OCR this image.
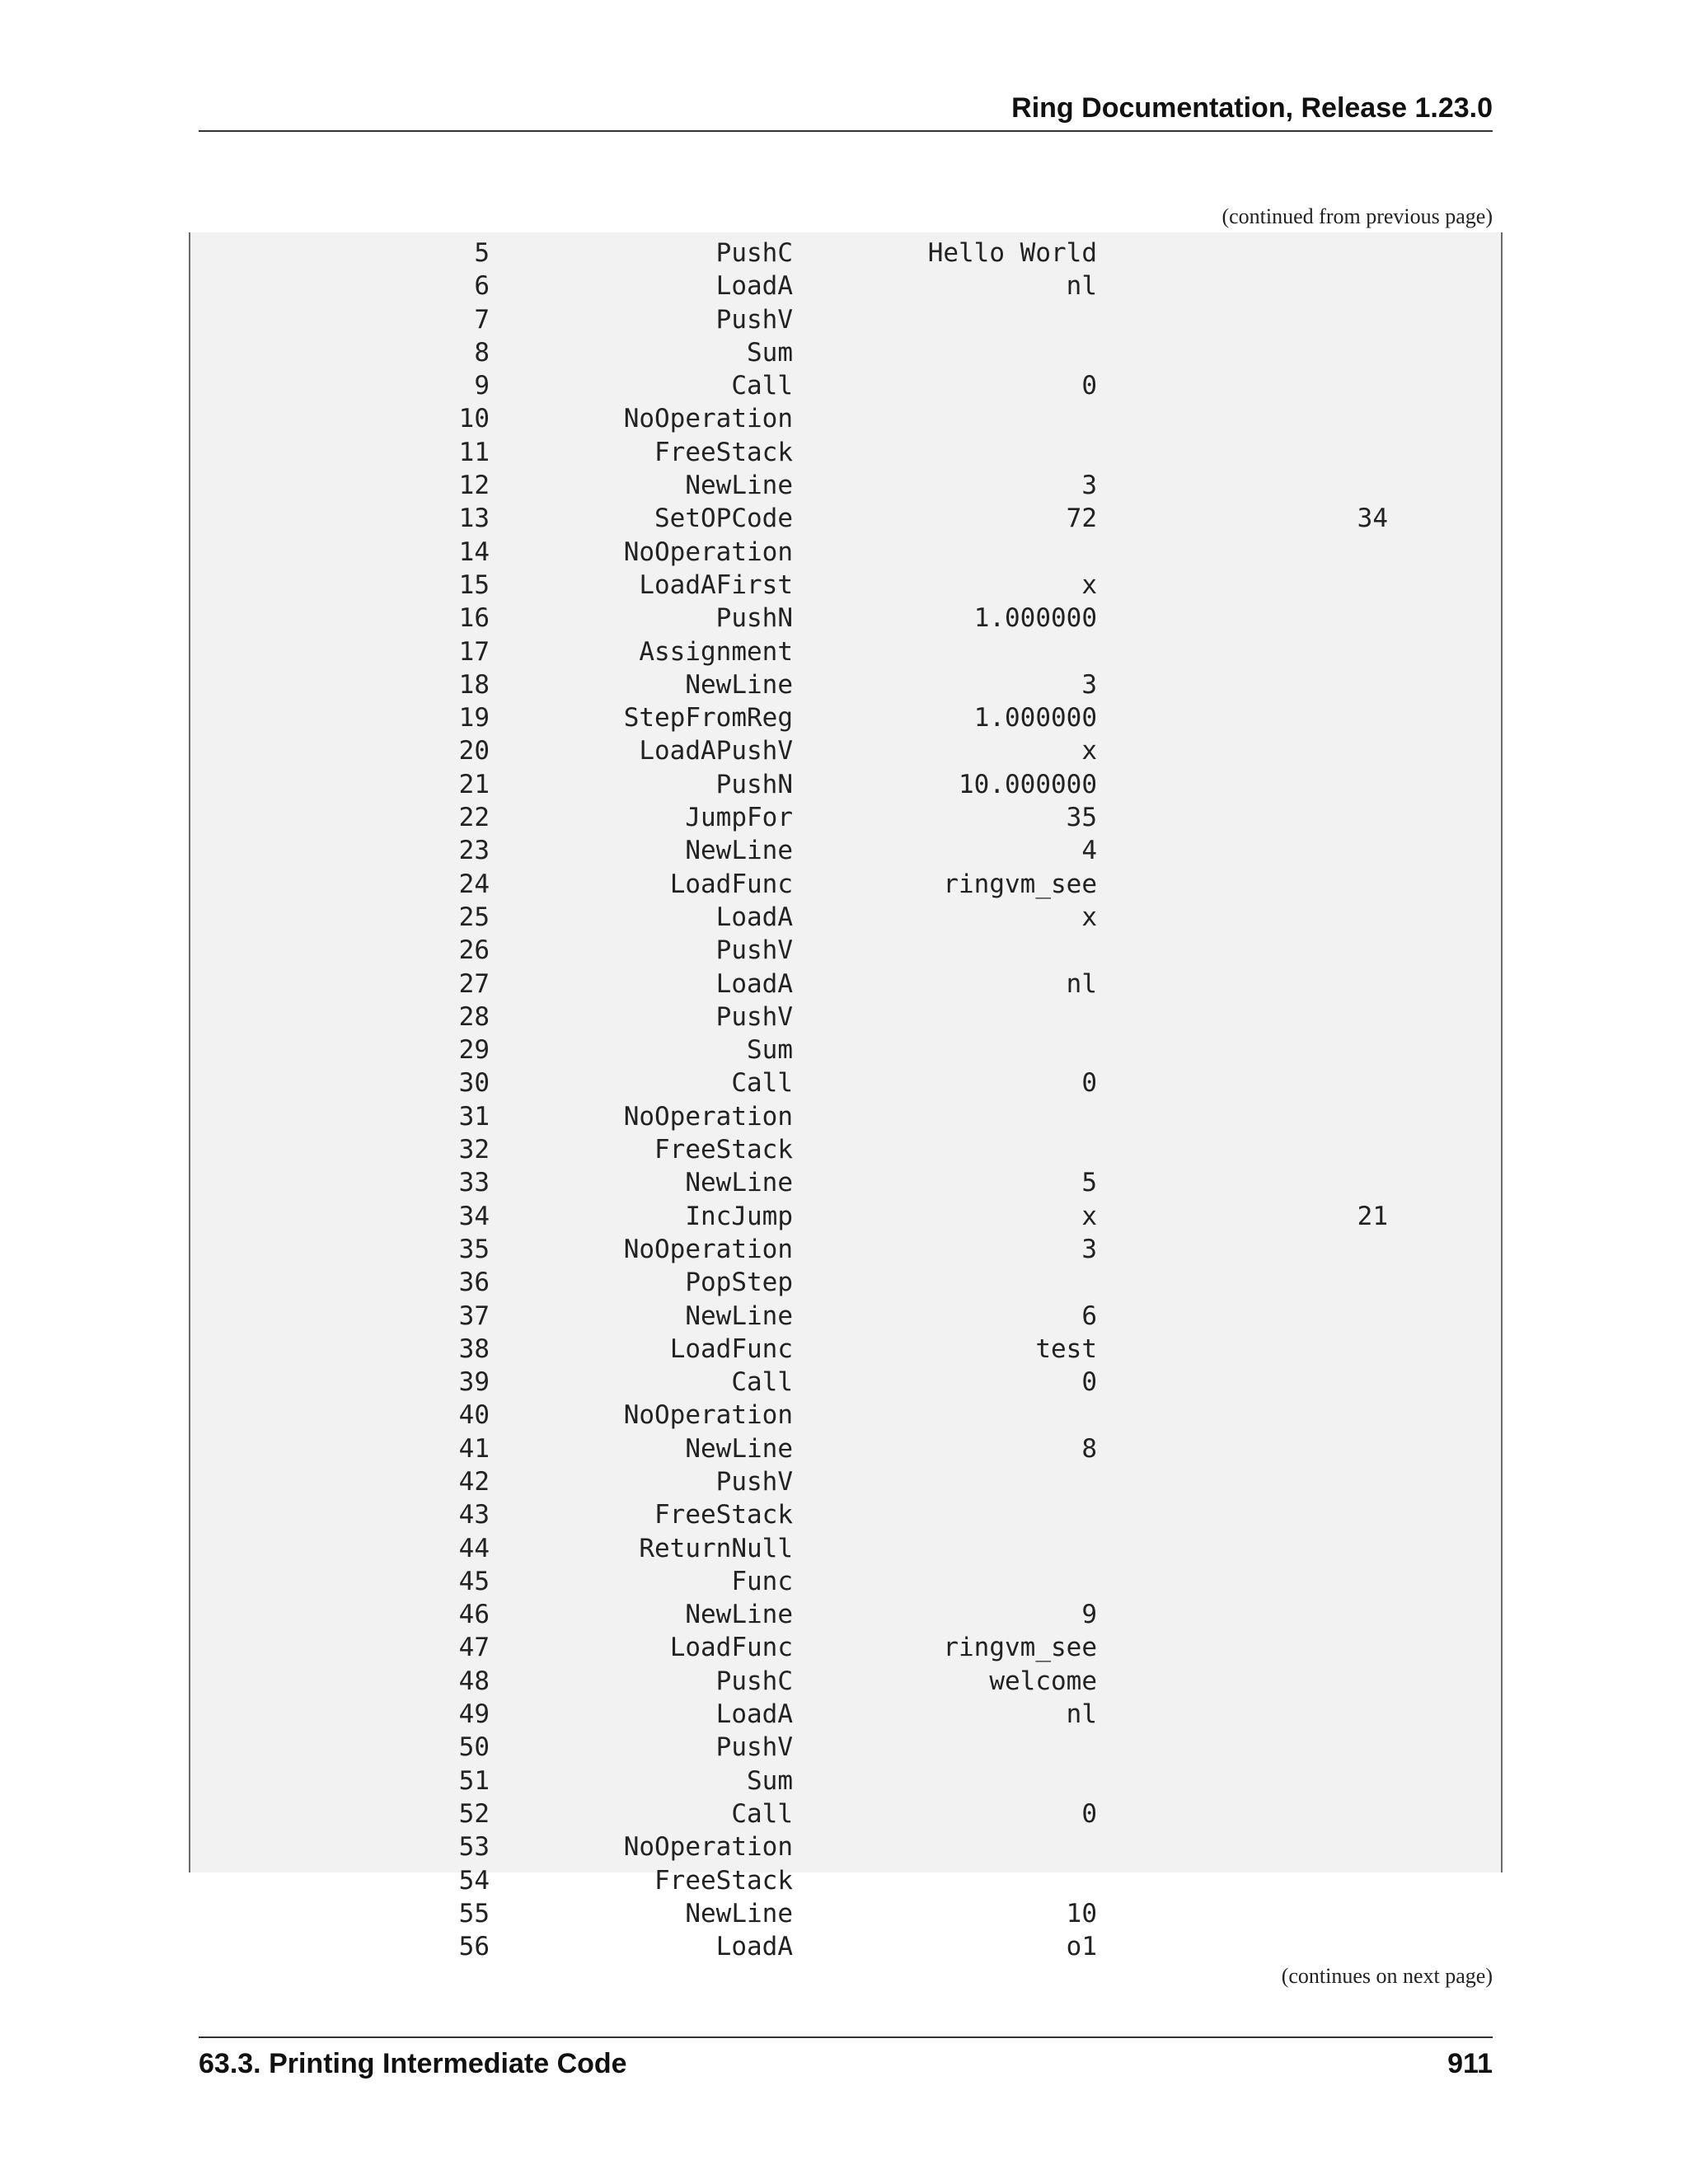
Ring Documentation, Release 1.23.0
(continued from previous page)
5	PushC	Hello World
6	LoadA	nl
7	PushV
8	Sum
9	Call	0
10	NoOperation
11	FreeStack
12	NewLine	3
13	SetOPCode	72	34
14	NoOperation
15	LoadAFirst	x
16	PushN	1.000000
17	Assignment
18	NewLine	3
19	StepFromReg	1.000000
20	LoadAPushV	x
21	PushN	10.000000
22	JumpFor	35
23	NewLine	4
24	LoadFunc	ringvm_see
25	LoadA	x
26	PushV
27	LoadA	nl
28	PushV
29	Sum
30	Call	0
31	NoOperation
32	FreeStack
33	NewLine	5
34	IncJump	x	21
35	NoOperation	3
36	PopStep
37	NewLine	6
38	LoadFunc	test
39	Call	0
40	NoOperation
41	NewLine	8
42	PushV
43	FreeStack
44	ReturnNull
45	Func
46	NewLine	9
47	LoadFunc	ringvm_see
48	PushC	welcome
49	LoadA	nl
50	PushV
51	Sum
52	Call	0
53	NoOperation
54	FreeStack
55	NewLine	10
56	LoadA	o1
(continues on next page)
63.3. Printing Intermediate Code	911
